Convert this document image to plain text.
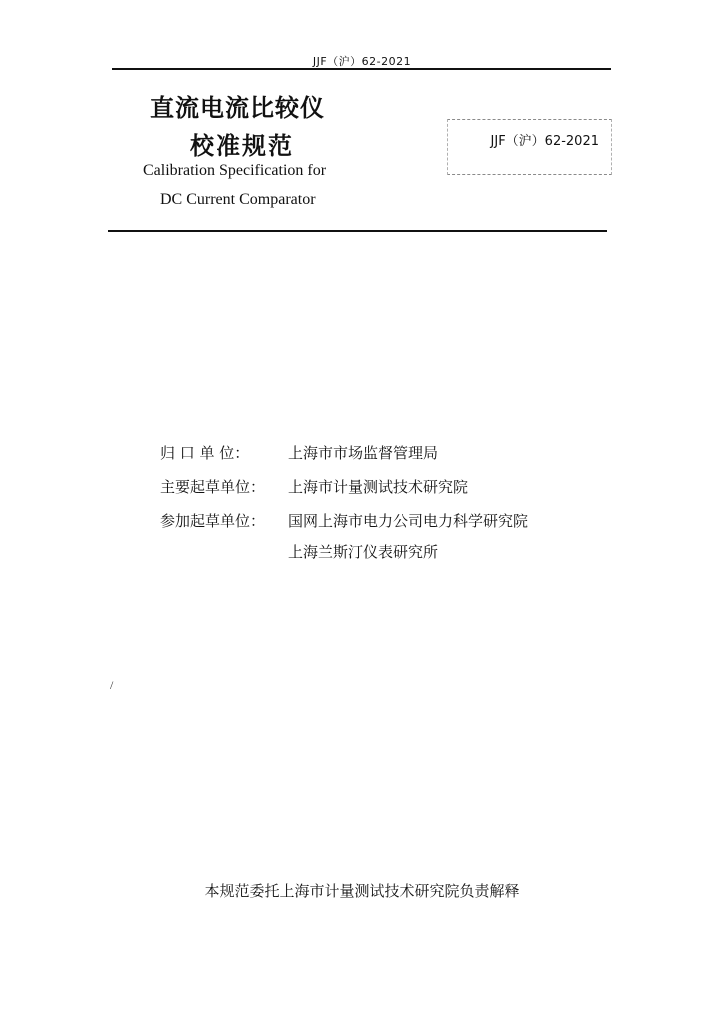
JJF（沪）62-2021
直流电流比较仪
校准规范
Calibration Specification for
DC Current Comparator
JJF（沪）62-2021
归 口 单 位：	上海市市场监督管理局
主要起草单位：	上海市计量测试技术研究院
参加起草单位：	国网上海市电力公司电力科学研究院
上海兰斯汀仪表研究所
/
本规范委托上海市计量测试技术研究院负责解释
